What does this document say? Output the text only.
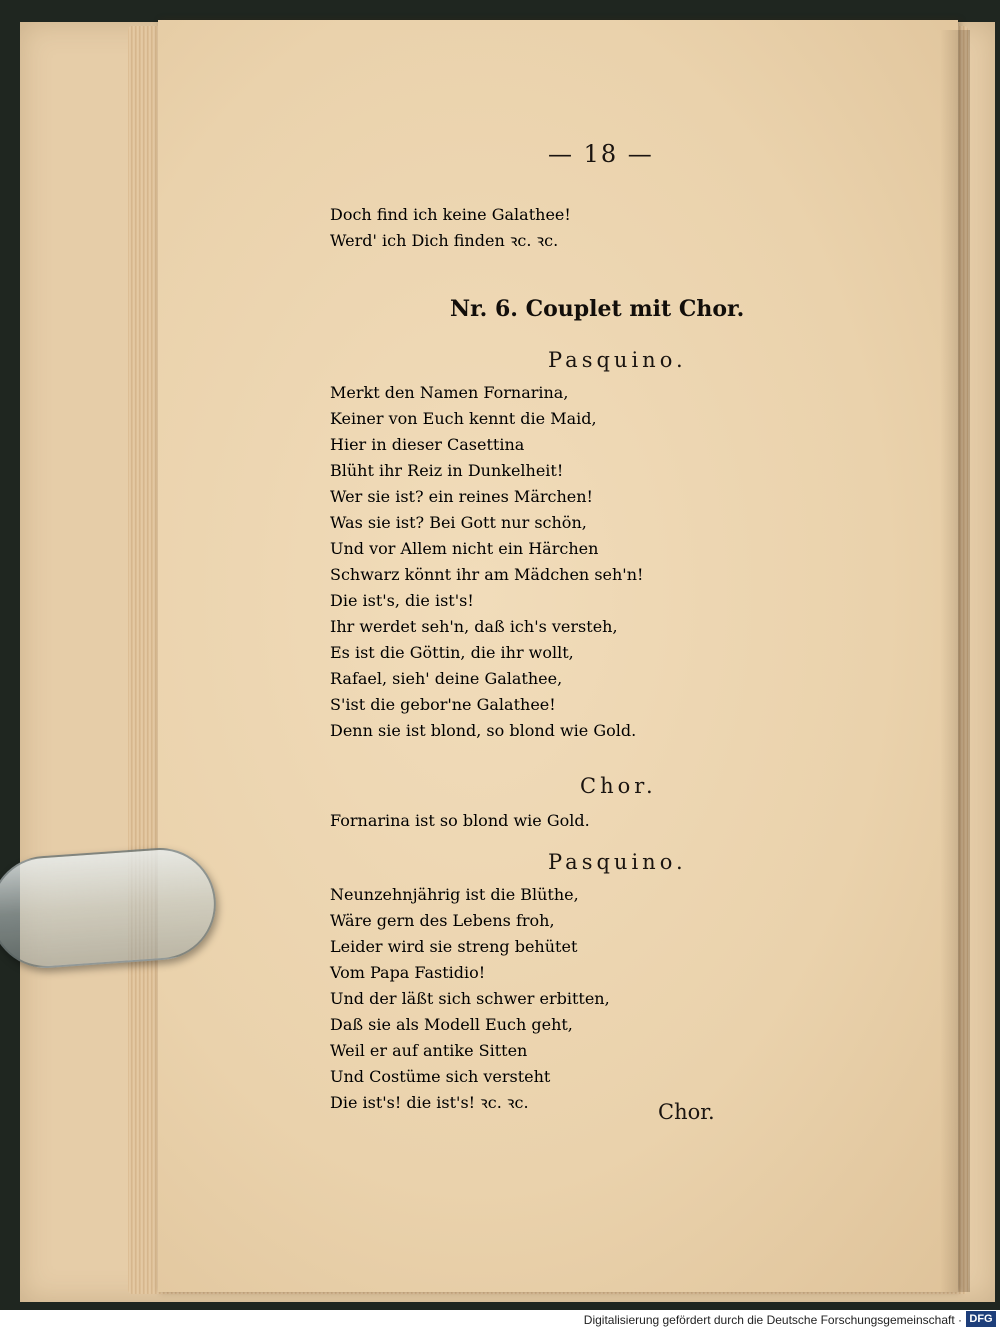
— 18 —
Doch find ich keine Galathee!
Werd' ich Dich finden ꝛc. ꝛc.
Nr. 6. Couplet mit Chor.
Pasquino.
Merkt den Namen Fornarina,
Keiner von Euch kennt die Maid,
Hier in dieser Casettina
Blüht ihr Reiz in Dunkelheit!
Wer sie ist? ein reines Märchen!
Was sie ist? Bei Gott nur schön,
Und vor Allem nicht ein Härchen
Schwarz könnt ihr am Mädchen seh'n!
Die ist's, die ist's!
Ihr werdet seh'n, daß ich's versteh,
Es ist die Göttin, die ihr wollt,
Rafael, sieh' deine Galathee,
S'ist die gebor'ne Galathee!
Denn sie ist blond, so blond wie Gold.
Chor.
Fornarina ist so blond wie Gold.
Pasquino.
Neunzehnjährig ist die Blüthe,
Wäre gern des Lebens froh,
Leider wird sie streng behütet
Vom Papa Fastidio!
Und der läßt sich schwer erbitten,
Daß sie als Modell Euch geht,
Weil er auf antike Sitten
Und Costüme sich versteht
Die ist's! die ist's! ꝛc. ꝛc.	Chor.
Digitalisierung gefördert durch die Deutsche Forschungsgemeinschaft · DFG
